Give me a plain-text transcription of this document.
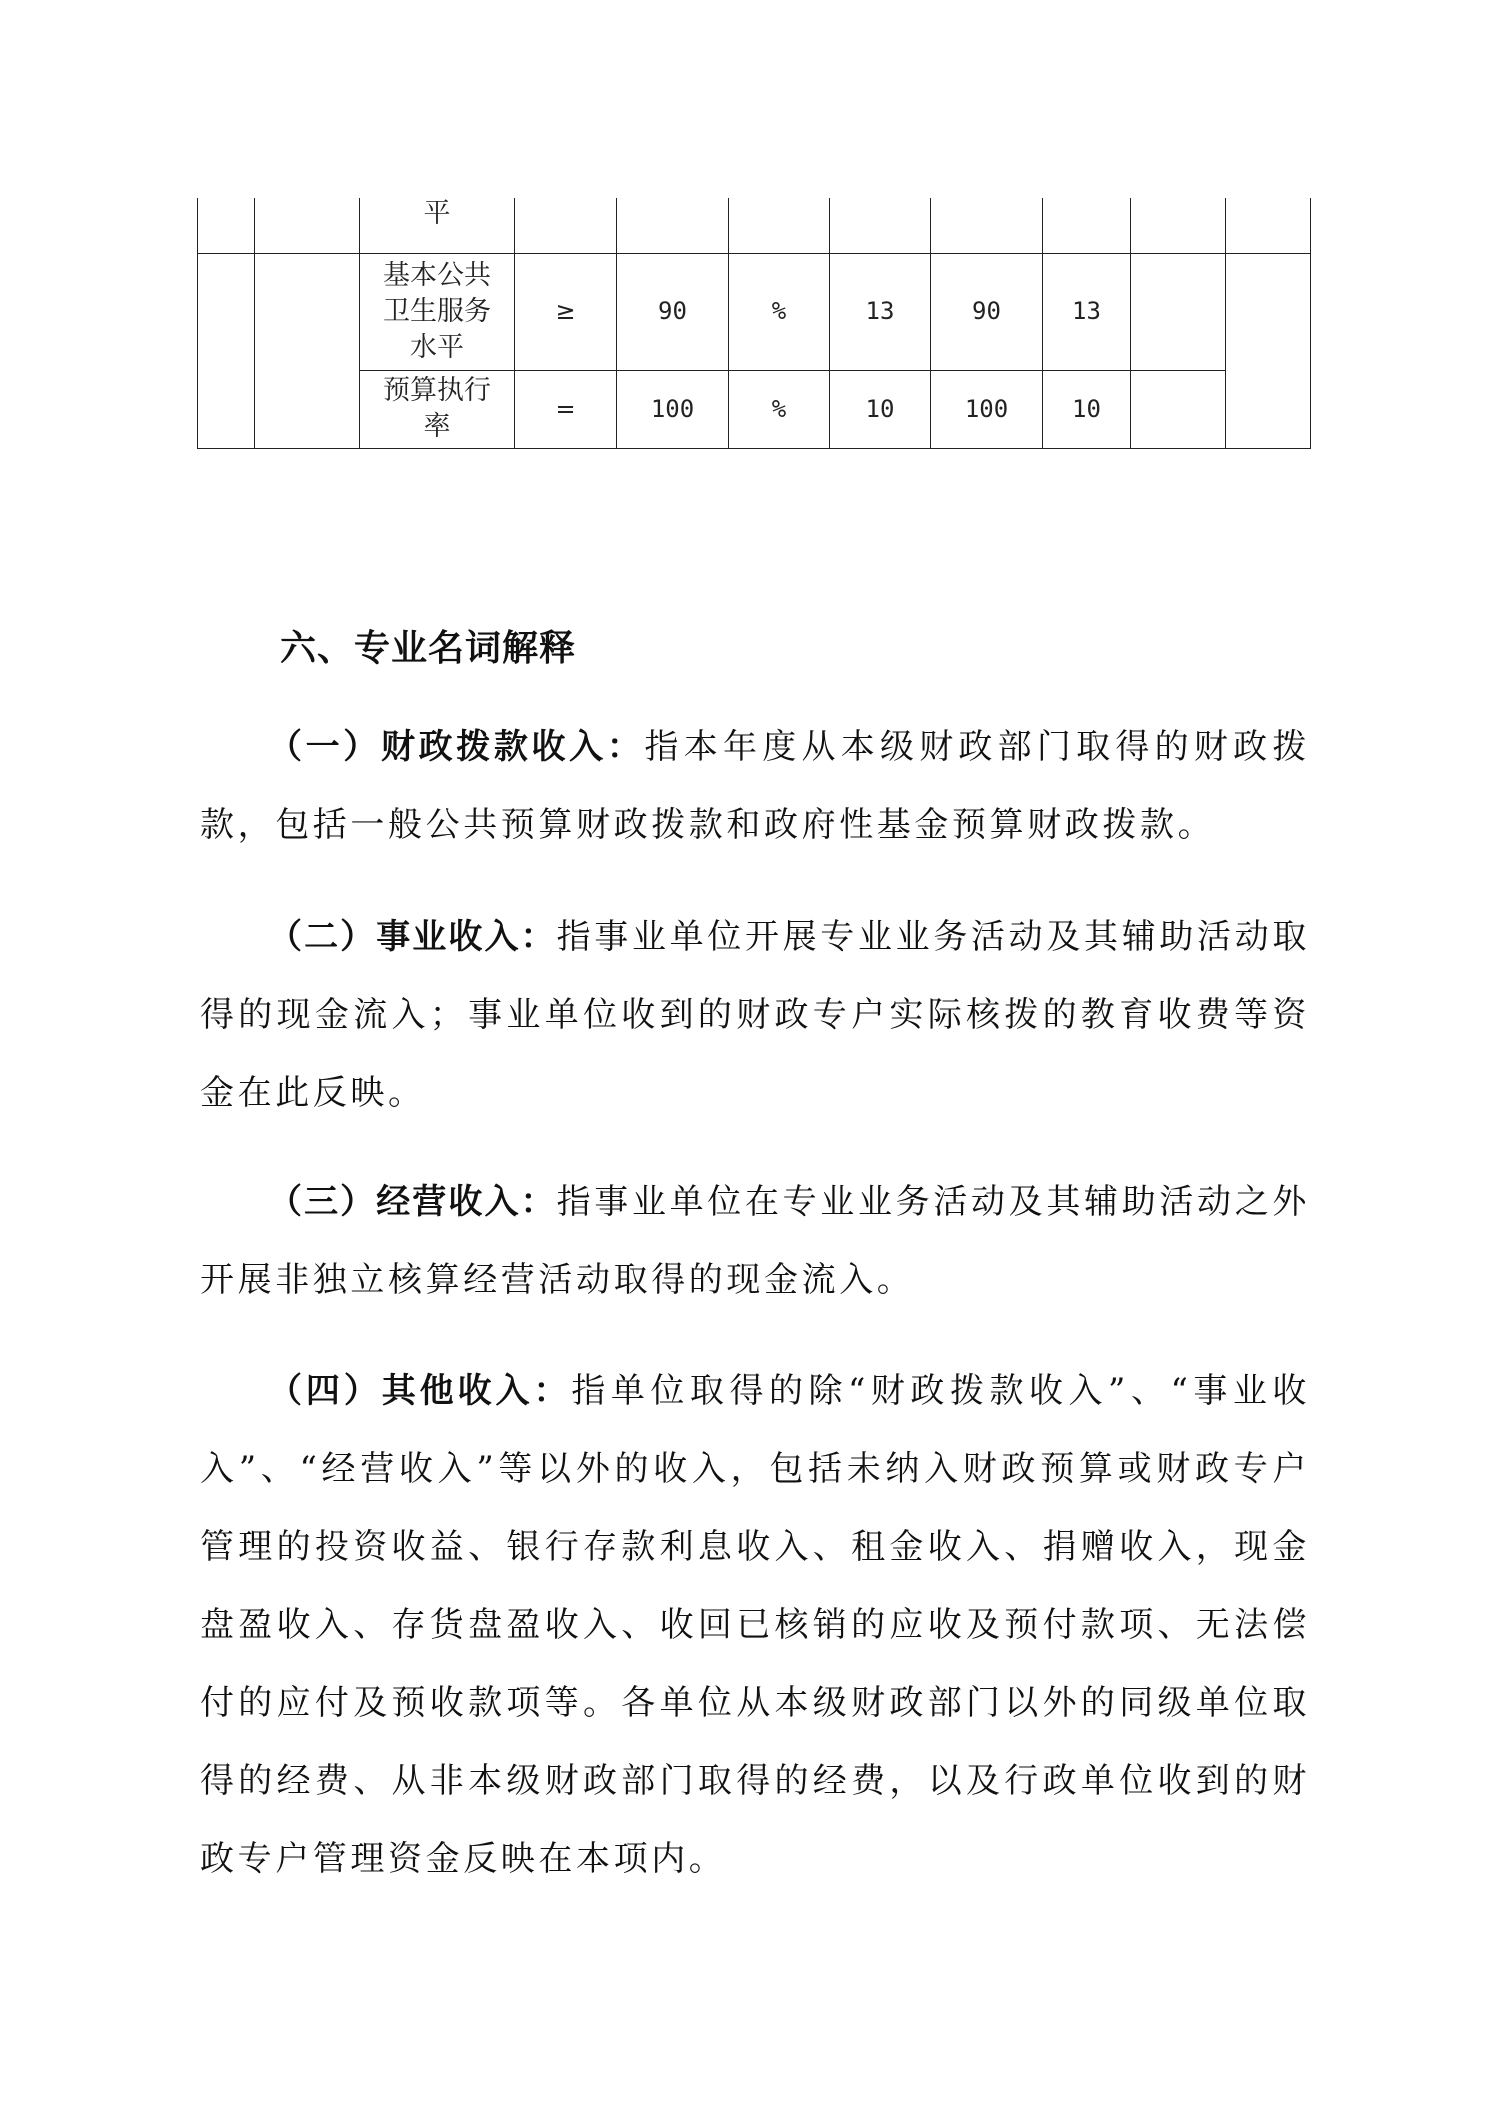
		平								
		基本公共卫生服务水平	≥	90	%	13	90	13		
		预算执行率	=	100	%	10	100	10		
六、专业名词解释

（一）财政拨款收入：指本年度从本级财政部门取得的财政拨款，包括一般公共预算财政拨款和政府性基金预算财政拨款。

（二）事业收入：指事业单位开展专业业务活动及其辅助活动取得的现金流入；事业单位收到的财政专户实际核拨的教育收费等资金在此反映。

（三）经营收入：指事业单位在专业业务活动及其辅助活动之外开展非独立核算经营活动取得的现金流入。

（四）其他收入：指单位取得的除“财政拨款收入”、“事业收入”、“经营收入”等以外的收入，包括未纳入财政预算或财政专户管理的投资收益、银行存款利息收入、租金收入、捐赠收入，现金盘盈收入、存货盘盈收入、收回已核销的应收及预付款项、无法偿付的应付及预收款项等。各单位从本级财政部门以外的同级单位取得的经费、从非本级财政部门取得的经费，以及行政单位收到的财政专户管理资金反映在本项内。
